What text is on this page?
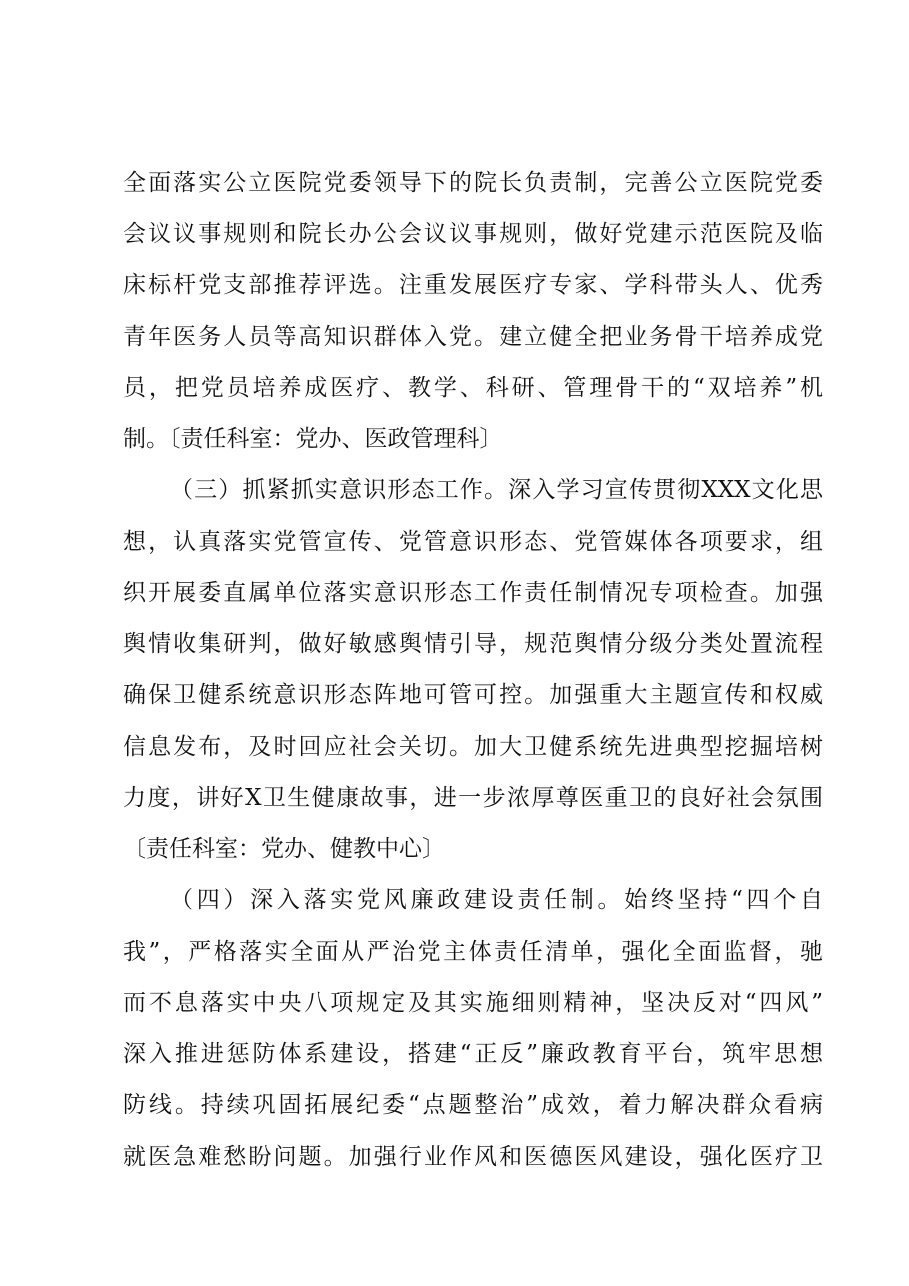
全面落实公立医院党委领导下的院长负责制，完善公立医院党委
会议议事规则和院长办公会议议事规则，做好党建示范医院及临
床标杆党支部推荐评选。注重发展医疗专家、学科带头人、优秀
青年医务人员等高知识群体入党。建立健全把业务骨干培养成党
员，把党员培养成医疗、教学、科研、管理骨干的“双培养”机
制。〔责任科室：党办、医政管理科〕
（三）抓紧抓实意识形态工作。深入学习宣传贯彻XXX文化思
想，认真落实党管宣传、党管意识形态、党管媒体各项要求，组
织开展委直属单位落实意识形态工作责任制情况专项检查。加强
舆情收集研判，做好敏感舆情引导，规范舆情分级分类处置流程
确保卫健系统意识形态阵地可管可控。加强重大主题宣传和权威
信息发布，及时回应社会关切。加大卫健系统先进典型挖掘培树
力度，讲好X卫生健康故事，进一步浓厚尊医重卫的良好社会氛围
〔责任科室：党办、健教中心〕
（四）深入落实党风廉政建设责任制。始终坚持“四个自
我”，严格落实全面从严治党主体责任清单，强化全面监督，驰
而不息落实中央八项规定及其实施细则精神，坚决反对“四风”
深入推进惩防体系建设，搭建“正反”廉政教育平台，筑牢思想
防线。持续巩固拓展纪委“点题整治”成效，着力解决群众看病
就医急难愁盼问题。加强行业作风和医德医风建设，强化医疗卫
